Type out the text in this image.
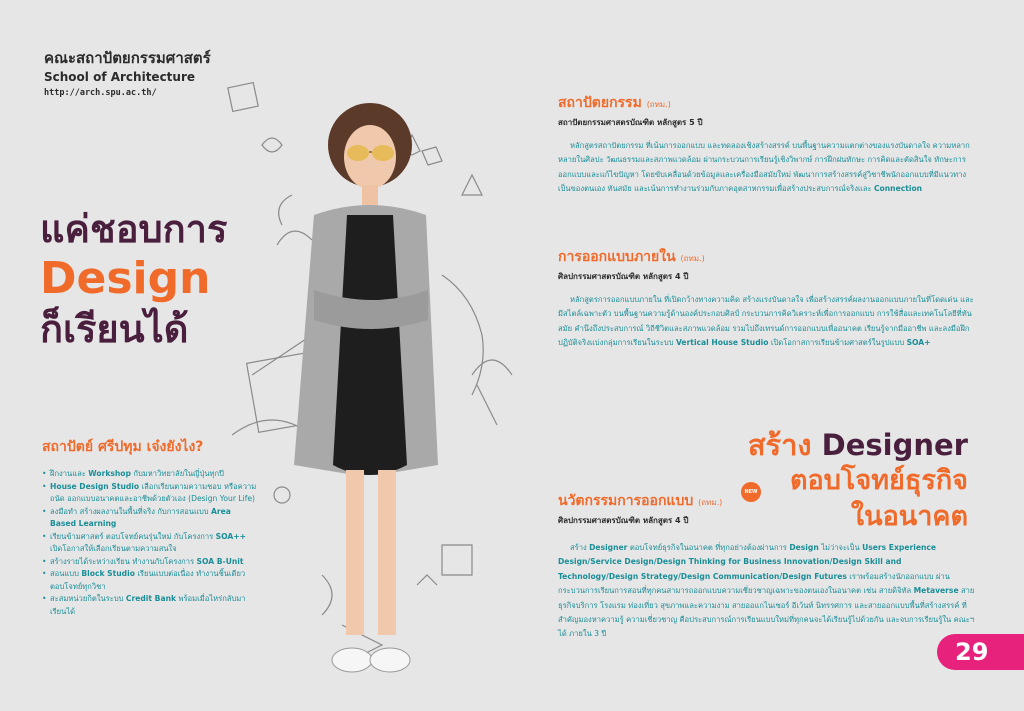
คณะสถาปัตยกรรมศาสตร์
School of Architecture
http://arch.spu.ac.th/
แค่ชอบการ
Design
ก็เรียนได้
สถาปัตย์ ศรีปทุม เจ๋งยังไง?
• ฝึกงานและ Workshop กับมหาวิทยาลัยในญี่ปุ่นทุกปี
• House Design Studio เลือกเรียนตามความชอบ หรือความถนัด ออกแบบอนาคตและอาชีพด้วยตัวเอง (Design Your Life)
• ลงมือทำ สร้างผลงานในพื้นที่จริง กับการสอนแบบ Area Based Learning
• เรียนข้ามศาสตร์ ตอบโจทย์คนรุ่นใหม่ กับโครงการ SOA++ เปิดโอกาสให้เลือกเรียนตามความสนใจ
• สร้างรายได้ระหว่างเรียน ทำงานกับโครงการ SOA B-Unit
• สอนแบบ Block Studio เรียนแบบต่อเนื่อง ทำงานชิ้นเดียวตอบโจทย์ทุกวิชา
• สะสมหน่วยกิตในระบบ Credit Bank พร้อมเมื่อไหร่กลับมาเรียนได้
สถาปัตยกรรม (ถทม.)
สถาปัตยกรรมศาสตรบัณฑิต หลักสูตร 5 ปี
หลักสูตรสถาปัตยกรรม ที่เน้นการออกแบบ และทดลองเชิงสร้างสรรค์ บนพื้นฐานความแตกต่างของแรงบันดาลใจ ความหลากหลายในศิลปะ วัฒนธรรมและสภาพแวดล้อม ผ่านกระบวนการเรียนรู้เชิงวิพากษ์ การฝึกฝนทักษะ การคิดและตัดสินใจ ทักษะการออกแบบและแก้ไขปัญหา โดยขับเคลื่อนด้วยข้อมูลและเครื่องมือสมัยใหม่ พัฒนาการสร้างสรรค์สู่วิชาชีพนักออกแบบที่มีแนวทางเป็นของตนเอง ทันสมัย และเน้นการทำงานร่วมกับภาคอุตสาหกรรมเพื่อสร้างประสบการณ์จริงและ Connection
การออกแบบภายใน (ถทม.)
ศิลปกรรมศาสตรบัณฑิต หลักสูตร 4 ปี
หลักสูตรการออกแบบภายใน ที่เปิดกว้างทางความคิด สร้างแรงบันดาลใจ เพื่อสร้างสรรค์ผลงานออกแบบภายในที่โดดเด่น และมีสไตล์เฉพาะตัว บนพื้นฐานความรู้ด้านองค์ประกอบศิลป์ กระบวนการคิดวิเคราะห์เพื่อการออกแบบ การใช้สื่อและเทคโนโลยีที่ทันสมัย คำนึงถึงประสบการณ์ วิถีชีวิตและสภาพแวดล้อม รวมไปถึงเทรนด์การออกแบบเพื่ออนาคต เรียนรู้จากมืออาชีพ และลงมือฝึกปฏิบัติจริงแบ่งกลุ่มการเรียนในระบบ Vertical House Studio เปิดโอกาสการเรียนข้ามศาสตร์ในรูปแบบ SOA+
สร้าง Designer
ตอบโจทย์ธุรกิจ
ในอนาคต
NEW
นวัตกรรมการออกแบบ (ถทม.)
ศิลปกรรมศาสตรบัณฑิต หลักสูตร 4 ปี
สร้าง Designer ตอบโจทย์ธุรกิจในอนาคต ที่ทุกอย่างต้องผ่านการ Design ไม่ว่าจะเป็น Users Experience Design/Service Design/Design Thinking for Business Innovation/Design Skill and Technology/Design Strategy/Design Communication/Design Futures เราพร้อมสร้างนักออกแบบ ผ่านกระบวนการเรียนการสอนที่ทุกคนสามารถออกแบบความเชี่ยวชาญเฉพาะของตนเองในอนาคต เช่น สายดิจิทัล Metaverse สายธุรกิจบริการ โรงแรม ท่องเที่ยว สุขภาพและความงาม สายออแกไนเซอร์ อีเว้นท์ นิทรรศการ และสายออกแบบพื้นที่สร้างสรรค์ ที่สำคัญมองหาความรู้ ความเชี่ยวชาญ คือประสบการณ์การเรียนแบบใหม่ที่ทุกคนจะได้เรียนรู้ไปด้วยกัน และจบการเรียนรู้ใน คณะฯ ได้ ภายใน 3 ปี
29
